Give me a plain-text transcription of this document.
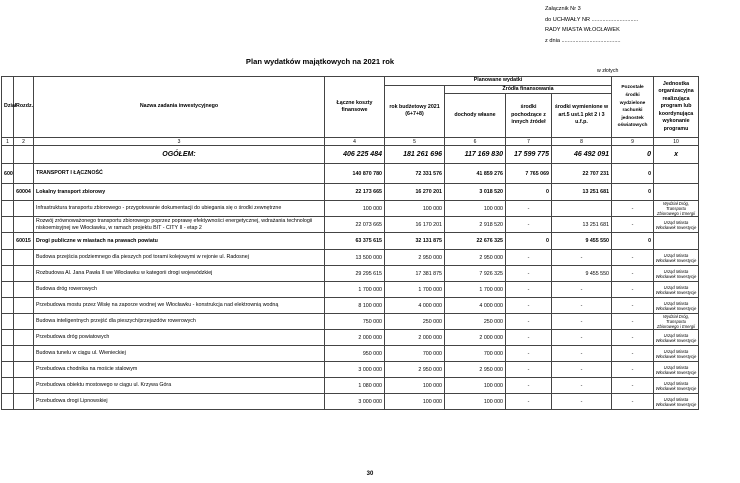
Załącznik Nr 3
do UCHWAŁY NR ..............................
RADY MIASTA WŁOCŁAWEK
z dnia ......................................
Plan wydatków majątkowych na 2021 rok
w złotych
Dział	Rozdz.	Nazwa zadania inwestycyjnego	Łączne koszty finansowe	Planowane wydatki				Pozostałe środki wydzielone rachunki jednostek oświatowych	Jednostka organizacyjna realizująca program lub koordynująca wykonanie programu
				rok budżetowy 2021 (6+7+8)	Źródła finansowania				
					dochody własne	środki pochodzące z innych źródeł	środki wymienione w art.5 ust.1 pkt 2 i 3 u.f.p.		
1	2	3	4	5	6	7	8	9	10
		OGÓŁEM:	406 225 484	181 261 696	117 169 830	17 599 775	46 492 091	0	x
600		TRANSPORT I ŁĄCZNOŚĆ	140 870 780	72 331 576	41 859 276	7 765 069	22 707 231	0	
	60004	Lokalny transport zbiorowy	22 173 665	16 270 201	3 018 520	0	13 251 681	0	
		Infrastruktura transportu zbiorowego - przygotowanie dokumentacji do ubiegania się o środki zewnętrzne	100 000	100 000	100 000	-		-	Wydział Dróg, Transportu Zbiorowego i Energii
		Rozwój zrównoważonego transportu zbiorowego poprzez poprawę efektywności energetycznej, wdrażania technologii niskoemisyjnej we Włocławku, w ramach projektu BIT - CITY II - etap 2	22 073 665	16 170 201	2 918 520	-	13 251 681	-	Urząd Miasta Włocławek Inwestycje
	60015	Drogi publiczne w miastach na prawach powiatu	63 375 615	32 131 875	22 676 325	0	9 455 550	0	
		Budowa przejścia podziemnego dla pieszych pod torami kolejowymi w rejonie ul. Radosnej	13 500 000	2 950 000	2 950 000	-	-	-	Urząd Miasta Włocławek Inwestycje
		Rozbudowa Al. Jana Pawła II we Włocławku w kategorii drogi wojewódzkiej	29 295 615	17 381 875	7 926 325	-	9 455 550	-	Urząd Miasta Włocławek Inwestycje
		Budowa dróg rowerowych	1 700 000	1 700 000	1 700 000	-	-	-	Urząd Miasta Włocławek Inwestycje
		Przebudowa mostu przez Wisłę na zaporze wodnej we Włocławku - konstrukcja nad elektrownią wodną	8 100 000	4 000 000	4 000 000	-	-	-	Urząd Miasta Włocławek Inwestycje
		Budowa inteligentnych przejść dla pieszych/przejazdów rowerowych	750 000	250 000	250 000	-	-	-	Wydział Dróg, Transportu Zbiorowego i Energii
		Przebudowa dróg powiatowych	2 000 000	2 000 000	2 000 000	-	-	-	Urząd Miasta Włocławek Inwestycje
		Budowa tunelu w ciągu ul. Wienieckiej	950 000	700 000	700 000	-	-	-	Urząd Miasta Włocławek Inwestycje
		Przebudowa chodnika na moście stalowym	3 000 000	2 950 000	2 950 000	-	-	-	Urząd Miasta Włocławek Inwestycje
		Przebudowa obiektu mostowego w ciągu ul. Krzywa Góra	1 080 000	100 000	100 000	-	-	-	Urząd Miasta Włocławek Inwestycje
		Przebudowa drogi Lipnowskiej	3 000 000	100 000	100 000	-	-	-	Urząd Miasta Włocławek Inwestycje
30
